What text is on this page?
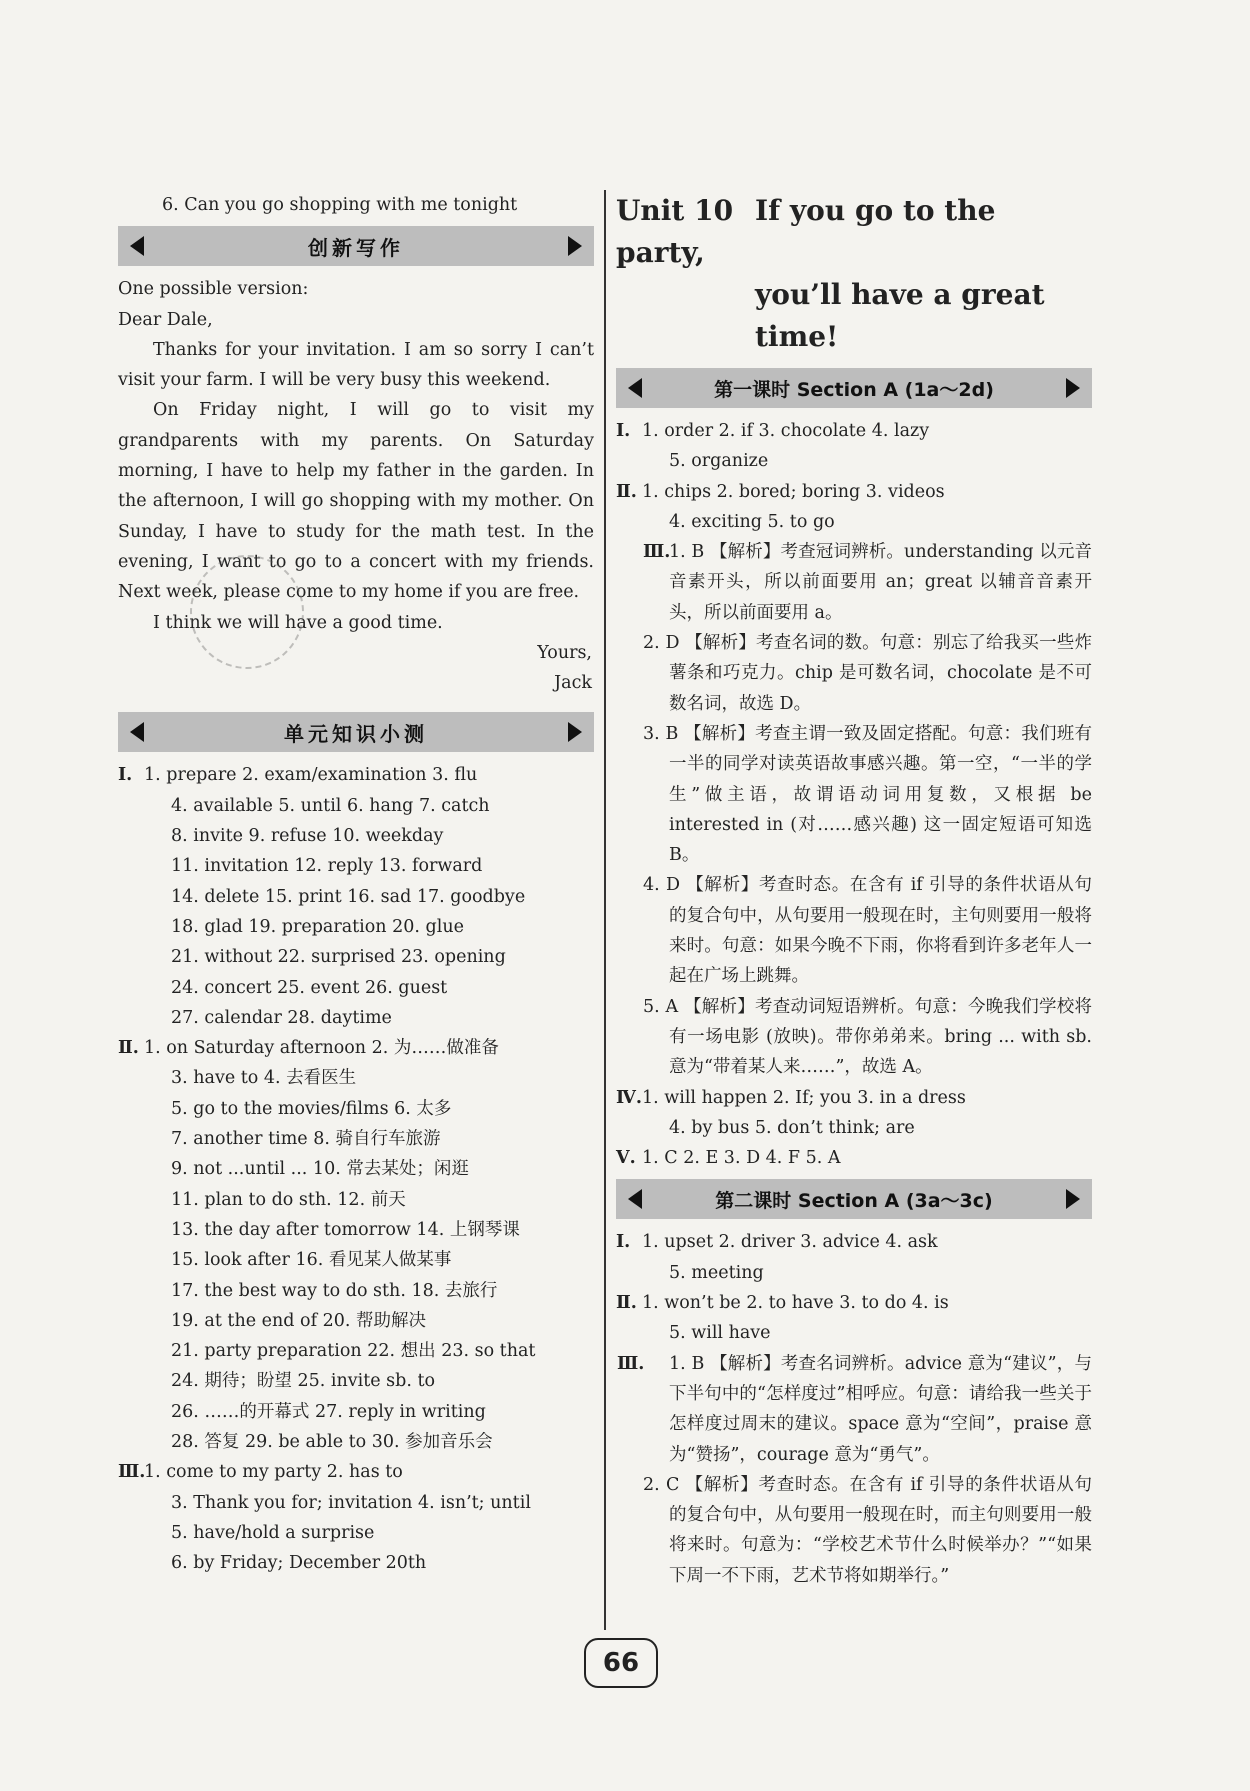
6. Can you go shopping with me tonight
创新写作
One possible version:
Dear Dale,
Thanks for your invitation. I am so sorry I can’t visit your farm. I will be very busy this weekend.
On Friday night, I will go to visit my grandparents with my parents. On Saturday morning, I have to help my father in the garden. In the afternoon, I will go shopping with my mother. On Sunday, I have to study for the math test. In the evening, I want to go to a concert with my friends. Next week, please come to my home if you are free.
I think we will have a good time.
Yours,
Jack
单元知识小测
Ⅰ. 1. prepare 2. exam/examination 3. flu
4. available 5. until 6. hang 7. catch
8. invite 9. refuse 10. weekday
11. invitation 12. reply 13. forward
14. delete 15. print 16. sad 17. goodbye
18. glad 19. preparation 20. glue
21. without 22. surprised 23. opening
24. concert 25. event 26. guest
27. calendar 28. daytime
Ⅱ. 1. on Saturday afternoon 2. 为……做准备
3. have to 4. 去看医生
5. go to the movies/films 6. 太多
7. another time 8. 骑自行车旅游
9. not ...until ... 10. 常去某处；闲逛
11. plan to do sth. 12. 前天
13. the day after tomorrow 14. 上钢琴课
15. look after 16. 看见某人做某事
17. the best way to do sth. 18. 去旅行
19. at the end of 20. 帮助解决
21. party preparation 22. 想出 23. so that
24. 期待；盼望 25. invite sb. to
26. ……的开幕式 27. reply in writing
28. 答复 29. be able to 30. 参加音乐会
Ⅲ.1. come to my party 2. has to
3. Thank you for; invitation 4. isn’t; until
5. have/hold a surprise
6. by Friday; December 20th
Unit 10 If you go to the party,
you’ll have a great
time!
第一课时 Section A (1a～2d)
Ⅰ. 1. order 2. if 3. chocolate 4. lazy
5. organize
Ⅱ. 1. chips 2. bored; boring 3. videos
4. exciting 5. to go
Ⅲ.1. B 【解析】考查冠词辨析。understanding 以元音音素开头，所以前面要用 an；great 以辅音音素开头，所以前面要用 a。
2. D 【解析】考查名词的数。句意：别忘了给我买一些炸薯条和巧克力。chip 是可数名词，chocolate 是不可数名词，故选 D。
3. B 【解析】考查主谓一致及固定搭配。句意：我们班有一半的同学对读英语故事感兴趣。第一空，“一半的学生”做主语，故谓语动词用复数，又根据 be interested in (对……感兴趣) 这一固定短语可知选 B。
4. D 【解析】考查时态。在含有 if 引导的条件状语从句的复合句中，从句要用一般现在时，主句则要用一般将来时。句意：如果今晚不下雨，你将看到许多老年人一起在广场上跳舞。
5. A 【解析】考查动词短语辨析。句意：今晚我们学校将有一场电影 (放映)。带你弟弟来。bring ... with sb. 意为“带着某人来……”，故选 A。
Ⅳ.1. will happen 2. If; you 3. in a dress
4. by bus 5. don’t think; are
Ⅴ. 1. C 2. E 3. D 4. F 5. A
第二课时 Section A (3a～3c)
Ⅰ. 1. upset 2. driver 3. advice 4. ask
5. meeting
Ⅱ. 1. won’t be 2. to have 3. to do 4. is
5. will have
Ⅲ. 1. B 【解析】考查名词辨析。advice 意为“建议”，与下半句中的“怎样度过”相呼应。句意：请给我一些关于怎样度过周末的建议。space 意为“空间”，praise 意为“赞扬”，courage 意为“勇气”。
2. C 【解析】考查时态。在含有 if 引导的条件状语从句的复合句中，从句要用一般现在时，而主句则要用一般将来时。句意为：“学校艺术节什么时候举办？”“如果下周一不下雨，艺术节将如期举行。”
66
